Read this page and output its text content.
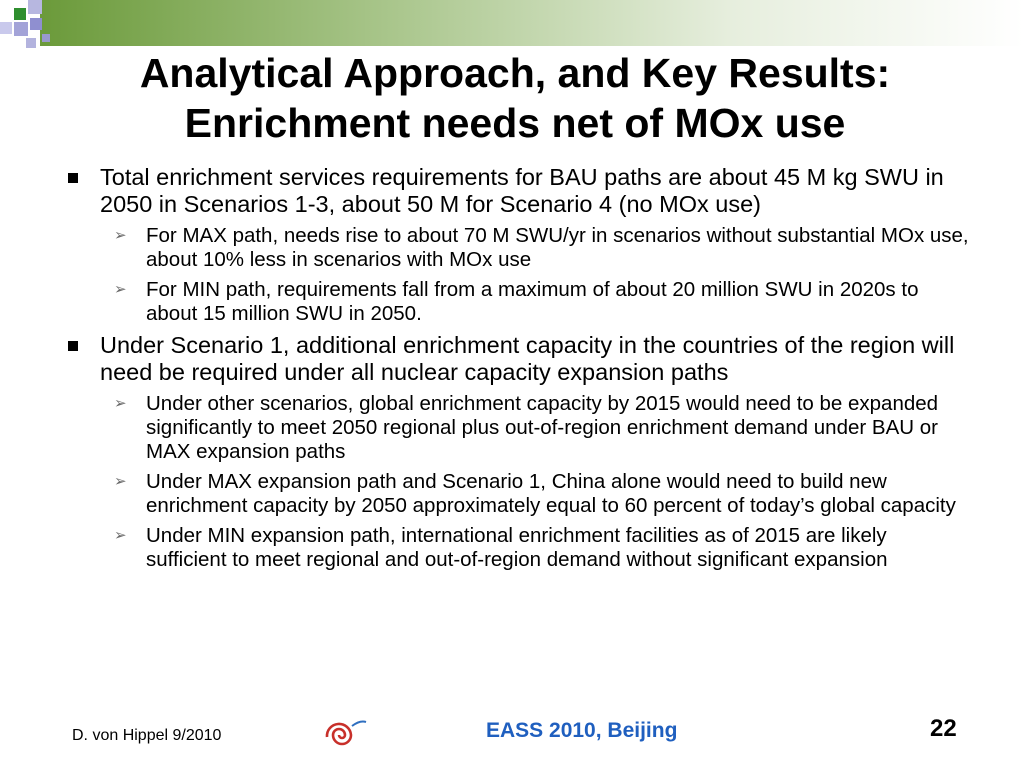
Analytical Approach, and Key Results:
Enrichment needs net of MOx use
Total enrichment services requirements for BAU paths are about 45 M kg SWU in 2050 in Scenarios 1-3, about 50 M for Scenario 4 (no MOx use)
➢ For MAX path, needs rise to about 70 M SWU/yr in scenarios without substantial MOx use, about 10% less in scenarios with MOx use
➢ For MIN path, requirements fall from a maximum of about 20 million SWU in 2020s to about 15 million SWU in 2050.
Under Scenario 1, additional enrichment capacity in the countries of the region will need be required under all nuclear capacity expansion paths
➢ Under other scenarios, global enrichment capacity by 2015 would need to be expanded significantly to meet 2050 regional plus out-of-region enrichment demand under BAU or MAX expansion paths
➢ Under MAX expansion path and Scenario 1, China alone would need to build new enrichment capacity by 2050 approximately equal to 60 percent of today’s global capacity
➢ Under MIN expansion path, international enrichment facilities as of 2015 are likely sufficient to meet regional and out-of-region demand without significant expansion
D. von Hippel 9/2010	EASS 2010, Beijing	22
